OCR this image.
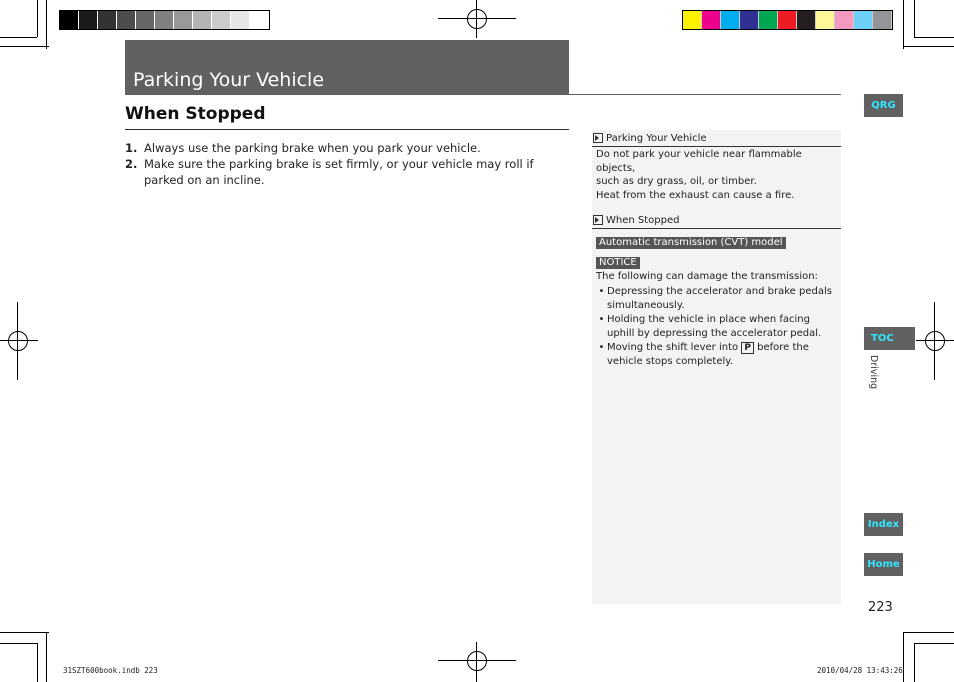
Parking Your Vehicle
When Stopped
1. Always use the parking brake when you park your vehicle.
2. Make sure the parking brake is set firmly, or your vehicle may roll if parked on an incline.
Parking Your Vehicle
Do not park your vehicle near flammable objects,
such as dry grass, oil, or timber.
Heat from the exhaust can cause a fire.
When Stopped
Automatic transmission (CVT) model
NOTICE
The following can damage the transmission:
• Depressing the accelerator and brake pedals simultaneously.
• Holding the vehicle in place when facing uphill by depressing the accelerator pedal.
• Moving the shift lever into P before the vehicle stops completely.
QRG
TOC
Driving
Index
Home
223
31SZT600book.indb 223	2010/04/28 13:43:26
